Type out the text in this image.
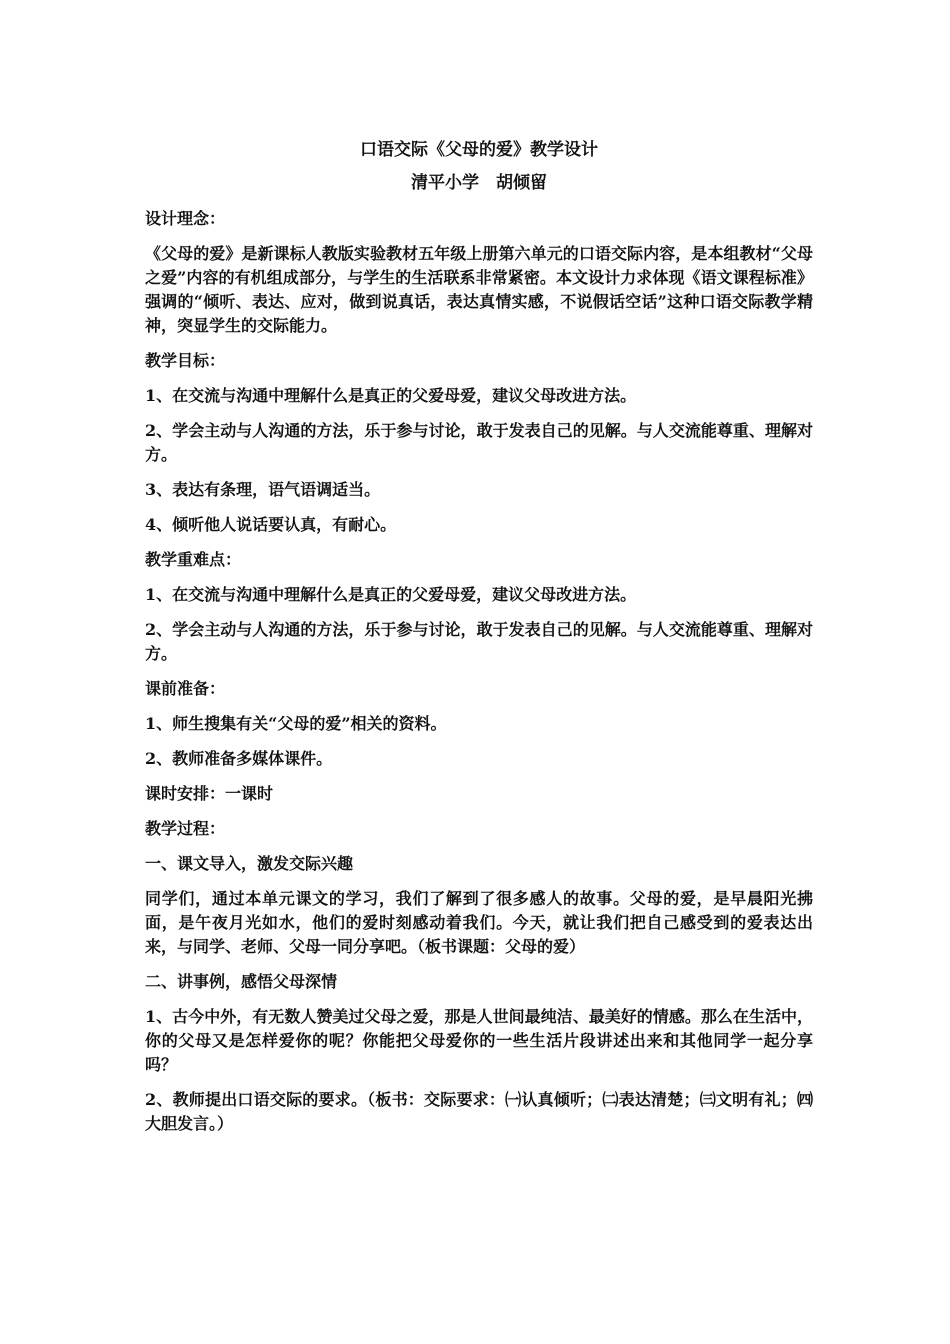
口语交际《父母的爱》教学设计
清平小学　胡倾留

设计理念：

《父母的爱》是新课标人教版实验教材五年级上册第六单元的口语交际内容，是本组教材“父母之爱”内容的有机组成部分，与学生的生活联系非常紧密。本文设计力求体现《语文课程标准》强调的“倾听、表达、应对，做到说真话，表达真情实感，不说假话空话”这种口语交际教学精神，突显学生的交际能力。

教学目标：

1、在交流与沟通中理解什么是真正的父爱母爱，建议父母改进方法。

2、学会主动与人沟通的方法，乐于参与讨论，敢于发表自己的见解。与人交流能尊重、理解对方。

3、表达有条理，语气语调适当。

4、倾听他人说话要认真，有耐心。

教学重难点：

1、在交流与沟通中理解什么是真正的父爱母爱，建议父母改进方法。

2、学会主动与人沟通的方法，乐于参与讨论，敢于发表自己的见解。与人交流能尊重、理解对方。

课前准备：

1、师生搜集有关“父母的爱”相关的资料。

2、教师准备多媒体课件。

课时安排：一课时

教学过程：

一、课文导入，激发交际兴趣

同学们，通过本单元课文的学习，我们了解到了很多感人的故事。父母的爱，是早晨阳光拂面，是午夜月光如水，他们的爱时刻感动着我们。今天，就让我们把自己感受到的爱表达出来，与同学、老师、父母一同分享吧。（板书课题：父母的爱）

二、讲事例，感悟父母深情

1、古今中外，有无数人赞美过父母之爱，那是人世间最纯洁、最美好的情感。那么在生活中，你的父母又是怎样爱你的呢？你能把父母爱你的一些生活片段讲述出来和其他同学一起分享吗？

2、教师提出口语交际的要求。（板书：交际要求：㈠认真倾听；㈡表达清楚；㈢文明有礼；㈣大胆发言。）
